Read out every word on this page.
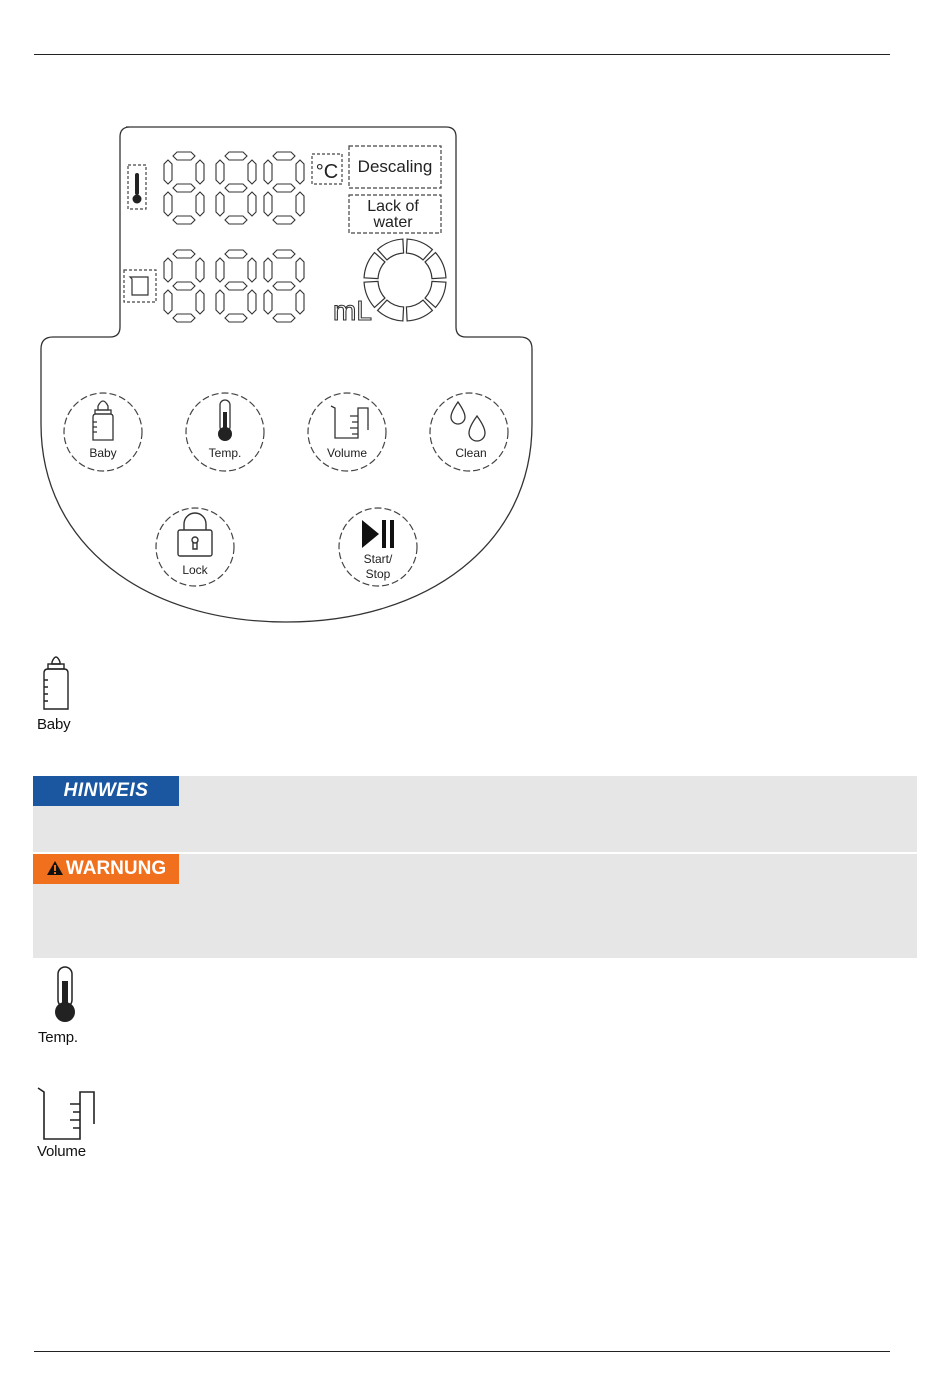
°C Descaling
Lack of
water
mL
Baby	Temp.	Volume	Clean
Lock
Start/
Stop
Baby
HINWEIS
WARNUNG
Temp.
Volume
